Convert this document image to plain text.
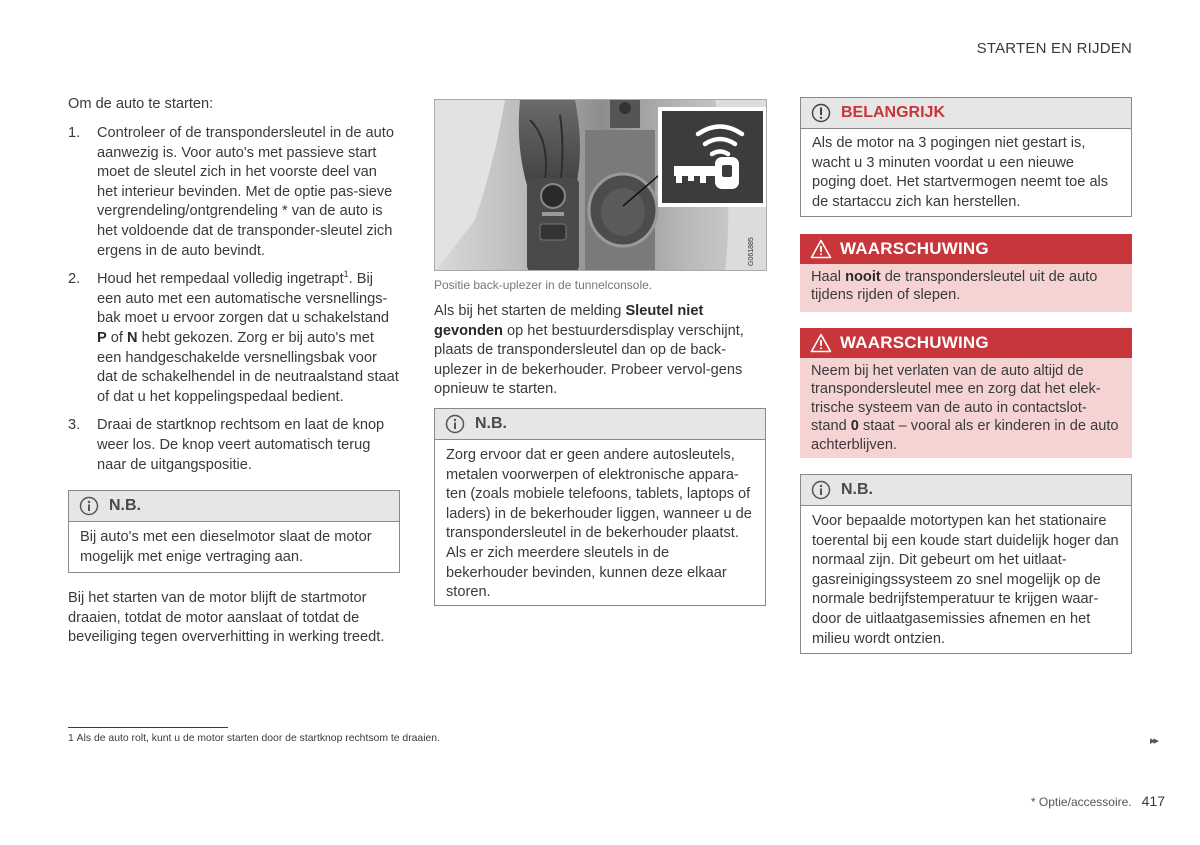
STARTEN EN RIJDEN
Om de auto te starten:
1. Controleer of de transpondersleutel in de auto aanwezig is. Voor auto's met passieve start moet de sleutel zich in het voorste deel van het interieur bevinden. Met de optie pas-sieve vergrendeling/ontgrendeling * van de auto is het voldoende dat de transponder-sleutel zich ergens in de auto bevindt.
2. Houd het rempedaal volledig ingetrapt$^1$. Bij een auto met een automatische versnellings-bak moet u ervoor zorgen dat u schakelstand P of N hebt gekozen. Zorg er bij auto's met een handgeschakelde versnellingsbak voor dat de schakelhendel in de neutraalstand staat of dat u het koppelingspedaal bedient.
3. Draai de startknop rechtsom en laat de knop weer los. De knop veert automatisch terug naar de uitgangspositie.
N.B.
Bij auto's met een dieselmotor slaat de motor mogelijk met enige vertraging aan.
Bij het starten van de motor blijft de startmotor draaien, totdat de motor aanslaat of totdat de beveiliging tegen oververhitting in werking treedt.
G061885
Positie back-uplezer in de tunnelconsole.
Als bij het starten de melding Sleutel niet gevonden op het bestuurdersdisplay verschijnt, plaats de transpondersleutel dan op de back-uplezer in de bekerhouder. Probeer vervol-gens opnieuw te starten.
N.B.
Zorg ervoor dat er geen andere autosleutels, metalen voorwerpen of elektronische appara-ten (zoals mobiele telefoons, tablets, laptops of laders) in de bekerhouder liggen, wanneer u de transpondersleutel in de bekerhouder plaatst. Als er zich meerdere sleutels in de bekerhouder bevinden, kunnen deze elkaar storen.
BELANGRIJK
Als de motor na 3 pogingen niet gestart is, wacht u 3 minuten voordat u een nieuwe poging doet. Het startvermogen neemt toe als de startaccu zich kan herstellen.
WAARSCHUWING
Haal nooit de transpondersleutel uit de auto tijdens rijden of slepen.
WAARSCHUWING
Neem bij het verlaten van de auto altijd de transpondersleutel mee en zorg dat het elek-trische systeem van de auto in contactslot-stand 0 staat – vooral als er kinderen in de auto achterblijven.
N.B.
Voor bepaalde motortypen kan het stationaire toerental bij een koude start duidelijk hoger dan normaal zijn. Dit gebeurt om het uitlaat-gasreinigingssysteem zo snel mogelijk op de normale bedrijfstemperatuur te krijgen waar-door de uitlaatgasemissies afnemen en het milieu wordt ontzien.
1 Als de auto rolt, kunt u de motor starten door de startknop rechtsom te draaien.	▸▸
* Optie/accessoire. 417
